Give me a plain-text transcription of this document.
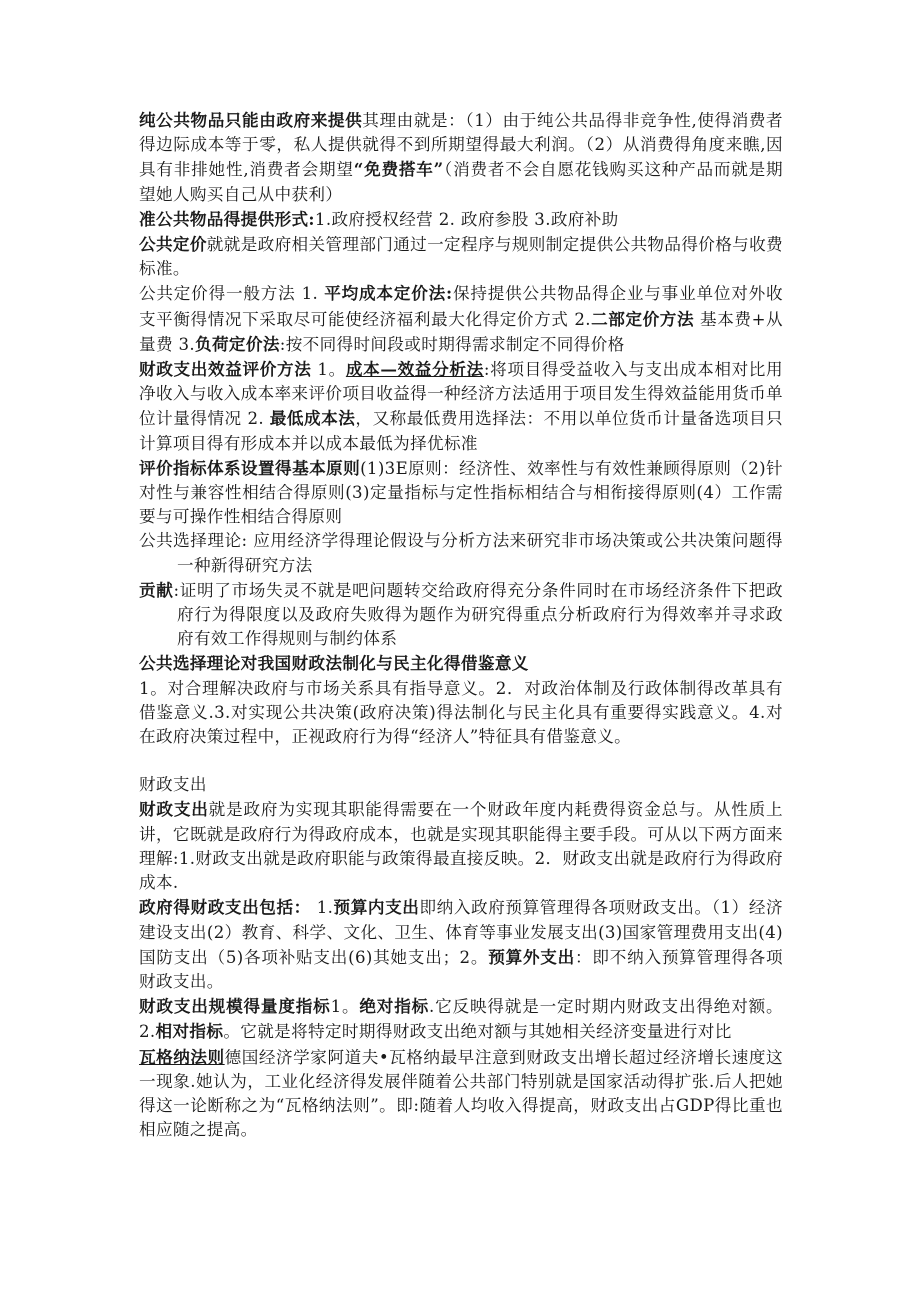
纯公共物品只能由政府来提供其理由就是：（1）由于纯公共品得非竞争性,使得消费者得边际成本等于零，私人提供就得不到所期望得最大利润。（2）从消费得角度来瞧,因具有非排她性,消费者会期望“免费搭车”（消费者不会自愿花钱购买这种产品而就是期望她人购买自己从中获利）

准公共物品得提供形式:1.政府授权经营 2. 政府参股 3.政府补助

公共定价就就是政府相关管理部门通过一定程序与规则制定提供公共物品得价格与收费标准。

公共定价得一般方法 1. 平均成本定价法:保持提供公共物品得企业与事业单位对外收支平衡得情况下采取尽可能使经济福利最大化得定价方式 2.二部定价方法 基本费+从量费 3.负荷定价法:按不同得时间段或时期得需求制定不同得价格

财政支出效益评价方法 1。成本—效益分析法:将项目得受益收入与支出成本相对比用净收入与收入成本率来评价项目收益得一种经济方法适用于项目发生得效益能用货币单位计量得情况 2. 最低成本法，又称最低费用选择法：不用以单位货币计量备选项目只计算项目得有形成本并以成本最低为择优标准

评价指标体系设置得基本原则(1)3E原则：经济性、效率性与有效性兼顾得原则（2)针对性与兼容性相结合得原则(3)定量指标与定性指标相结合与相衔接得原则(4）工作需要与可操作性相结合得原则

公共选择理论: 应用经济学得理论假设与分析方法来研究非市场决策或公共决策问题得一种新得研究方法

贡献:证明了市场失灵不就是吧问题转交给政府得充分条件同时在市场经济条件下把政府行为得限度以及政府失败得为题作为研究得重点分析政府行为得效率并寻求政府有效工作得规则与制约体系

公共选择理论对我国财政法制化与民主化得借鉴意义

1。对合理解决政府与市场关系具有指导意义。2．对政治体制及行政体制得改革具有借鉴意义.3.对实现公共决策(政府决策)得法制化与民主化具有重要得实践意义。4.对在政府决策过程中，正视政府行为得“经济人”特征具有借鉴意义。

财政支出

财政支出就是政府为实现其职能得需要在一个财政年度内耗费得资金总与。从性质上讲，它既就是政府行为得政府成本，也就是实现其职能得主要手段。可从以下两方面来理解:1.财政支出就是政府职能与政策得最直接反映。2．财政支出就是政府行为得政府成本.

政府得财政支出包括： 1.预算内支出即纳入政府预算管理得各项财政支出。（1）经济建设支出(2）教育、科学、文化、卫生、体育等事业发展支出(3)国家管理费用支出(4)国防支出（5)各项补贴支出(6)其她支出；2。预算外支出：即不纳入预算管理得各项财政支出。

财政支出规模得量度指标1。绝对指标.它反映得就是一定时期内财政支出得绝对额。 2.相对指标。它就是将特定时期得财政支出绝对额与其她相关经济变量进行对比

瓦格纳法则德国经济学家阿道夫•瓦格纳最早注意到财政支出增长超过经济增长速度这一现象.她认为，工业化经济得发展伴随着公共部门特别就是国家活动得扩张.后人把她得这一论断称之为“瓦格纳法则”。即:随着人均收入得提高，财政支出占GDP得比重也相应随之提高。
